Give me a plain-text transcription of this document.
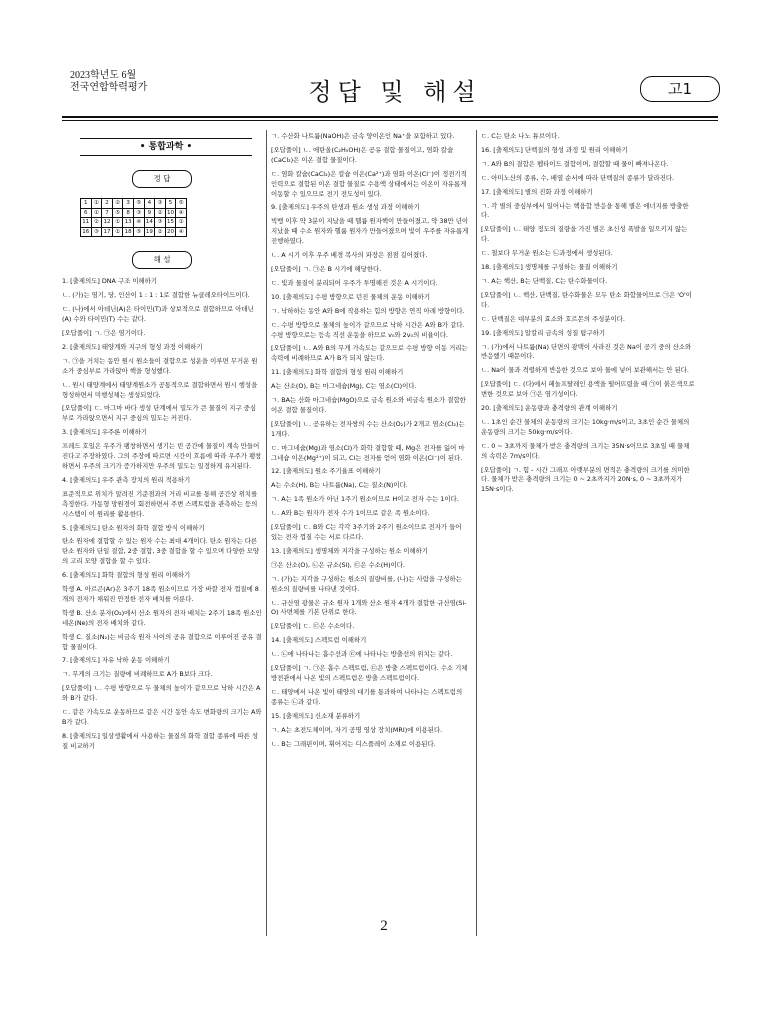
2023학년도 6월
전국연합학력평가	정답 및 해설	고1
• 통합과학 •
정 답
1	①	2	②	3	⑤	4	③	5	⑤
6	①	7	⑤	8	③	9	②	10	④
11	②	12	①	13	④	14	③	15	①
16	③	17	①	18	⑤	19	②	20	④
해 설
1. [출제의도] DNA 구조 이해하기
ㄴ. (가)는 염기, 당, 인산이 1 : 1 : 1로 결합한 뉴클레오타이드이다.
ㄷ. (나)에서 아데닌(A)은 타이민(T)과 상보적으로 결합하므로 아데닌(A) 수와 타이민(T) 수는 같다.
[오답풀이] ㄱ. ㉠은 염기이다.
2. [출제의도] 태양계와 지구의 형성 과정 이해하기
ㄱ. ㉠을 거치는 동안 원시 원소들이 결합으로 성운을 이루면 무거운 원소가 중심부로 가라앉아 핵을 형성했다.
ㄴ. 원시 태양계에서 태양계원소가 공통적으로 결합하면서 원시 행성을 형성하면서 미행성체는 생성되었다.
[오답풀이] ㄷ. 마그마 바다 생성 단계에서 밀도가 큰 물질이 지구 중심부로 가라앉으면서 지구 중심의 밀도는 커진다.
3. [출제의도] 우주론 이해하기
프레드 호일은 우주가 팽창하면서 생기는 빈 공간에 물질이 계속 만들어진다고 주장하였다. 그의 주장에 따르면 시간이 흐름에 따라 우주가 팽창하면서 우주의 크기가 증가하지만 우주의 밀도는 일정하게 유지된다.
4. [출제의도] 우주 관측 장치의 원리 적용하기
표준적으로 위치가 알려진 기준점과의 거리 비교를 통해 공간상 위치를 측정한다. 가동형 망원경이 회전하면서 주변 스펙트럼을 관측하는 등의 시스템이 이 원리를 활용한다.
5. [출제의도] 탄소 원자의 화학 결합 방식 이해하기
탄소 원자에 결합할 수 있는 원자 수는 최대 4개이다. 탄소 원자는 다른 탄소 원자와 단일 결합, 2중 결합, 3중 결합을 할 수 있으며 다양한 모양의 고리 모양 결합을 할 수 있다.
6. [출제의도] 화학 결합의 형성 원리 이해하기
학생 A. 아르곤(Ar)은 3주기 18족 원소이므로 가장 바깥 전자 껍질에 8개의 전자가 채워진 안정한 전자 배치를 이룬다.
학생 B. 산소 분자(O₂)에서 산소 원자의 전자 배치는 2주기 18족 원소인 네온(Ne)의 전자 배치와 같다.
학생 C. 질소(N₂)는 비금속 원자 사이의 공유 결합으로 이루어진 공유 결합 물질이다.
7. [출제의도] 자유 낙하 운동 이해하기
ㄱ. 무게의 크기는 질량에 비례하므로 A가 B보다 크다.
[오답풀이] ㄴ. 수평 방향으로 두 물체의 높이가 같으므로 낙하 시간은 A와 B가 같다.
ㄷ. 같은 가속도로 운동하므로 같은 시간 동안 속도 변화량의 크기는 A와 B가 같다.
8. [출제의도] 일상생활에서 사용하는 물질의 화학 결합 종류에 따른 성질 비교하기
ㄱ. 수산화 나트륨(NaOH)은 금속 양이온인 Na⁺을 포함하고 있다.
[오답풀이] ㄴ. 에탄올(C₂H₅OH)은 공유 결합 물질이고, 염화 칼슘(CaCl₂)은 이온 결합 물질이다.
ㄷ. 염화 칼슘(CaCl₂)은 칼슘 이온(Ca²⁺)과 염화 이온(Cl⁻)이 정전기적 인력으로 결합된 이온 결합 물질로 수용액 상태에서는 이온이 자유롭게 이동할 수 있으므로 전기 전도성이 있다.
9. [출제의도] 우주의 탄생과 원소 생성 과정 이해하기
빅뱅 이후 약 3분이 지났을 때 헬륨 원자핵이 만들어졌고, 약 38만 년이 지났을 때 수소 원자와 헬륨 원자가 만들어졌으며 빛이 우주를 자유롭게 진행하였다.
ㄴ. A 시기 이후 우주 배경 복사의 파장은 점점 길어졌다.
[오답풀이] ㄱ. ㉠은 B 시기에 해당한다.
ㄷ. 빛과 물질이 분리되어 우주가 투명해진 것은 A 시기이다.
10. [출제의도] 수평 방향으로 던진 물체의 운동 이해하기
ㄱ. 낙하하는 동안 A와 B에 작용하는 힘의 방향은 연직 아래 방향이다.
ㄷ. 수평 방향으로 물체의 높이가 같으므로 낙하 시간은 A와 B가 같다. 수평 방향으로는 등속 직선 운동을 하므로 v₀와 2v₀의 비율이다.
[오답풀이] ㄴ. A와 B의 무게 가속도는 같으므로 수평 방향 이동 거리는 속력에 비례하므로 A가 B가 되지 않는다.
11. [출제의도] 화학 결합의 형성 원리 이해하기
A는 산소(O), B는 마그네슘(Mg), C는 염소(Cl)이다.
ㄱ. BA는 산화 마그네슘(MgO)으로 금속 원소와 비금속 원소가 결합한 이온 결합 물질이다.
[오답풀이] ㄴ. 공유하는 전자쌍의 수는 산소(O₂)가 2개고 염소(Cl₂)는 1개다.
ㄷ. 마그네슘(Mg)과 염소(Cl)가 화학 결합할 때, Mg은 전자를 잃어 마그네슘 이온(Mg²⁺)이 되고, Cl는 전자를 얻어 염화 이온(Cl⁻)이 된다.
12. [출제의도] 원소 주기율표 이해하기
A는 수소(H), B는 나트륨(Na), C는 질소(N)이다.
ㄱ. A는 1족 원소가 아닌 1주기 원소이므로 H이고 전자 수는 1이다.
ㄴ. A와 B는 원자가 전자 수가 1이므로 같은 족 원소이다.
[오답풀이] ㄷ. B와 C는 각각 3주기와 2주기 원소이므로 전자가 들어 있는 전자 껍질 수는 서로 다르다.
13. [출제의도] 생명체와 지각을 구성하는 원소 이해하기
㉠은 산소(O), ㉡은 규소(Si), ㉢은 수소(H)이다.
ㄱ. (가)는 지각을 구성하는 원소의 질량비를, (나)는 사람을 구성하는 원소의 질량비를 나타낸 것이다.
ㄴ. 규산염 광물은 규소 원자 1개와 산소 원자 4개가 결합한 규산염(Si-O) 사면체를 기본 단위로 한다.
[오답풀이] ㄷ. ㉢은 수소이다.
14. [출제의도] 스펙트럼 이해하기
ㄴ. ㉡에 나타나는 흡수선과 ㉢에 나타나는 방출선의 위치는 같다.
[오답풀이] ㄱ. ㉠은 흡수 스펙트럼, ㉢은 방출 스펙트럼이다. 수소 기체 방전관에서 나온 빛의 스펙트럼은 방출 스펙트럼이다.
ㄷ. 태양에서 나온 빛이 태양의 대기를 통과하여 나타나는 스펙트럼의 종류는 ㉡과 같다.
15. [출제의도] 신소재 분류하기
ㄱ. A는 초전도체이며, 자기 공명 영상 장치(MRI)에 이용된다.
ㄴ. B는 그래핀이며, 휘어지는 디스플레이 소재로 이용된다.
ㄷ. C는 탄소 나노 튜브이다.
16. [출제의도] 단백질의 형성 과정 및 원리 이해하기
ㄱ. A와 B의 결합은 펩타이드 결합이며, 결합할 때 물이 빠져나온다.
ㄷ. 아미노산의 종류, 수, 배열 순서에 따라 단백질의 종류가 달라진다.
17. [출제의도] 별의 진화 과정 이해하기
ㄱ. 각 별의 중심부에서 일어나는 핵융합 반응을 통해 별은 에너지를 방출한다.
[오답풀이] ㄴ. 태양 정도의 질량을 가진 별은 초신성 폭발을 일으키지 않는다.
ㄷ. 철보다 무거운 원소는 ㉡과정에서 생성된다.
18. [출제의도] 생명체를 구성하는 물질 이해하기
ㄱ. A는 핵산, B는 단백질, C는 탄수화물이다.
[오답풀이] ㄴ. 핵산, 단백질, 탄수화물은 모두 탄소 화합물이므로 ㉠은 'O'이다.
ㄷ. 단백질은 대부분의 효소와 호르몬의 주성분이다.
19. [출제의도] 알칼리 금속의 성질 탐구하기
ㄱ. (가)에서 나트륨(Na) 단면의 광택이 사라진 것은 Na이 공기 중의 산소와 반응했기 때문이다.
ㄴ. Na이 물과 격렬하게 반응한 것으로 보아 물에 넣어 보관해서는 안 된다.
[오답풀이] ㄷ. (다)에서 페놀프탈레인 용액을 떨어뜨렸을 때 ㉠이 붉은색으로 변한 것으로 보아 ㉠은 염기성이다.
20. [출제의도] 운동량과 충격량의 관계 이해하기
ㄴ. 1초인 순간 물체의 운동량의 크기는 10kg·m/s이고, 3초인 순간 물체의 운동량의 크기는 50kg·m/s이다.
ㄷ. 0 ~ 3초까지 물체가 받은 충격량의 크기는 35N·s이므로 3초일 때 물체의 속력은 7m/s이다.
[오답풀이] ㄱ. 힘 - 시간 그래프 아랫부분의 면적은 충격량의 크기를 의미한다. 물체가 받은 충격량의 크기는 0 ~ 2초까지가 20N·s, 0 ~ 3초까지가 15N·s이다.
2
